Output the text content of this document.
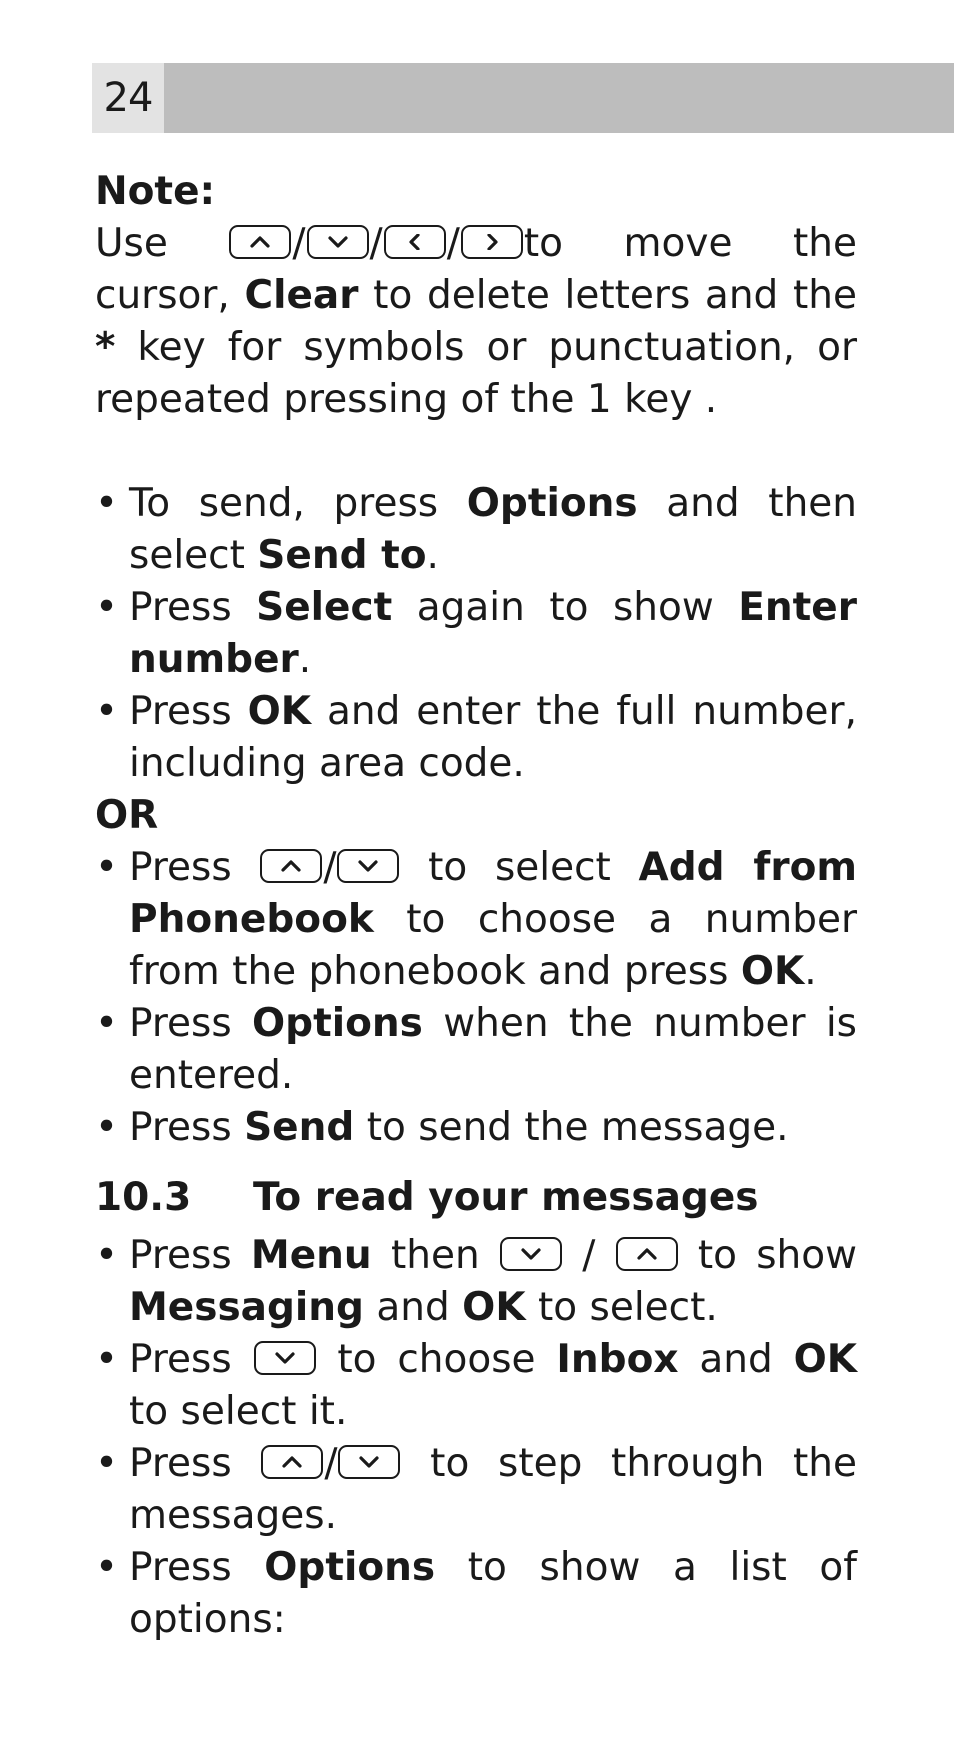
24

Note:

Use	/ / / to move the cursor, Clear to delete letters and the * key for symbols or punctuation, or repeated pressing of the 1 key .

• To send, press Options and then select Send to.
• Press Select again to show Enter number.
• Press OK and enter the full number, including area code.

OR

• Press / to select Add from Phonebook to choose a number from the phonebook and press OK.
• Press Options when the number is entered.
• Press Send to send the message.

10.3 To read your messages

• Press Menu then	/	to show Messaging and OK to select.
• Press	to choose Inbox and OK to select it.
• Press / to step through the messages.
• Press Options to show a list of options:
